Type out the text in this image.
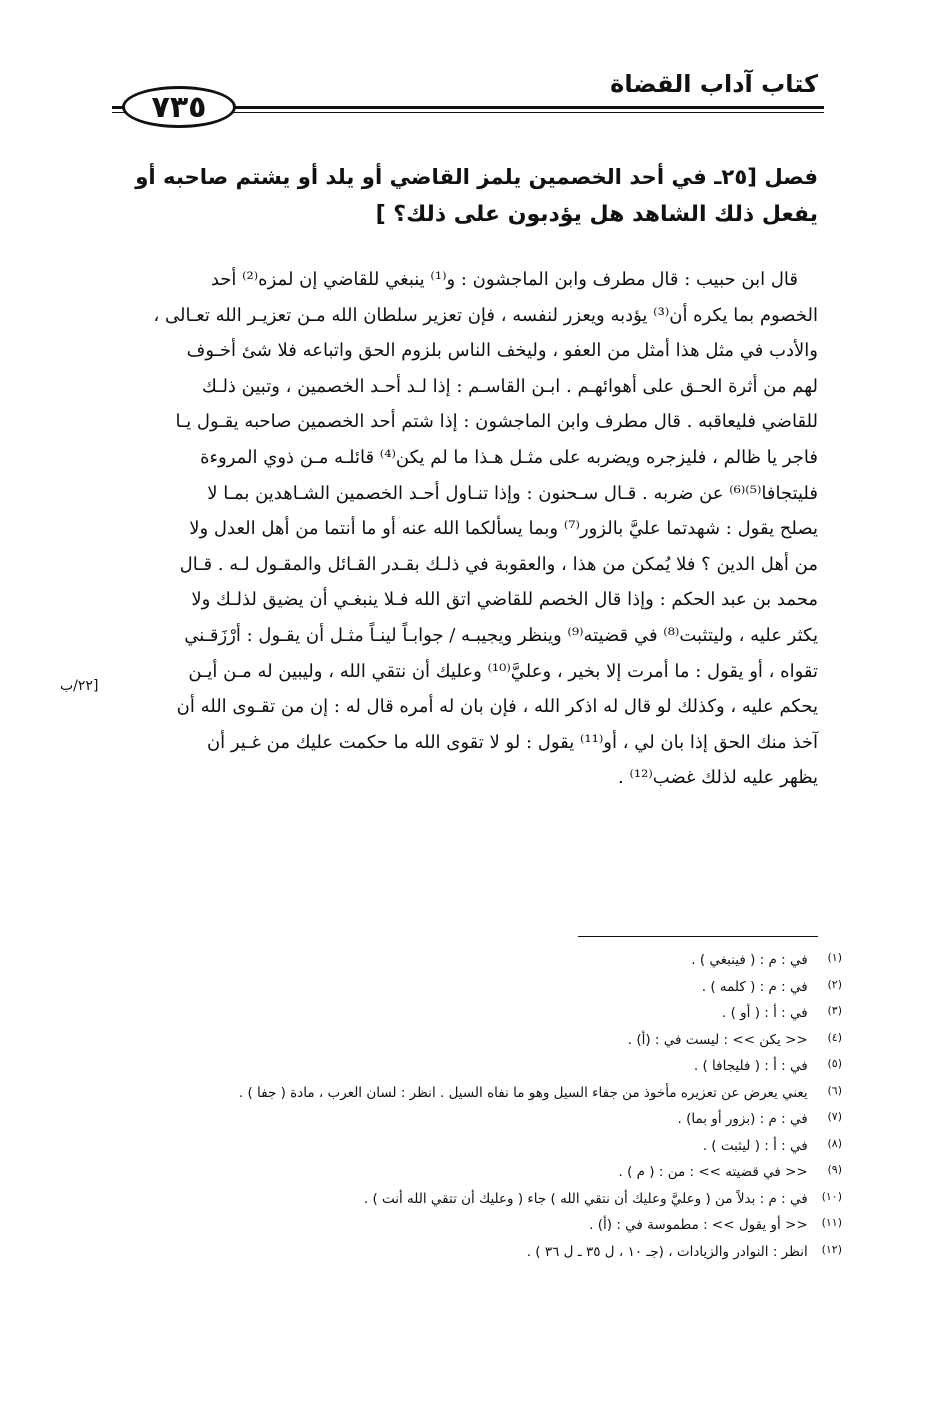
كتاب آداب القضاة
٧٣٥
فصل [٢٥ـ في أحد الخصمين يلمز القاضي أو يلد أو يشتم صاحبه أو
يفعل ذلك الشاهد هل يؤدبون على ذلك؟ ]
قال ابن حبيب : قال مطرف وابن الماجشون : و⁽¹⁾ ينبغي للقاضي إن لمزه⁽²⁾ أحد
الخصوم بما يكره أن⁽³⁾ يؤدبه ويعزر لنفسه ، فإن تعزير سلطان الله مـن تعزيـر الله تعـالى ،
والأدب في مثل هذا أمثل من العفو ، وليخف الناس بلزوم الحق واتباعه فلا شئ أخـوف
لهم من أثرة الحـق على أهوائهـم . ابـن القاسـم : إذا لـد أحـد الخصمين ، وتبين ذلـك
للقاضي فليعاقبه . قال مطرف وابن الماجشون : إذا شتم أحد الخصمين صاحبه يقـول يـا
فاجر يا ظالم ، فليزجره ويضربه على مثـل هـذا ما لم يكن⁽⁴⁾ قائلـه مـن ذوي المروءة
فليتجافا⁽⁵⁾⁽⁶⁾ عن ضربه . قـال سـحنون : وإذا تنـاول أحـد الخصمين الشـاهدين بمـا لا
يصلح يقول : شهدتما عليَّ بالزور⁽⁷⁾ وبما يسألكما الله عنه أو ما أنتما من أهل العدل ولا
من أهل الدين ؟ فلا يُمكن من هذا ، والعقوبة في ذلـك بقـدر القـائل والمقـول لـه . قـال
محمد بن عبد الحكم : وإذا قال الخصم للقاضي اتق الله فـلا ينبغـي أن يضيق لذلـك ولا
يكثر عليه ، وليتثبت⁽⁸⁾ في قضيته⁽⁹⁾ وينظر ويجيبـه / جوابـاً لينـاً مثـل أن يقـول : أرْزَقـني
تقواه ، أو يقول : ما أمرت إلا بخير ، وعليَّ⁽¹⁰⁾ وعليك أن نتقي الله ، وليبين له مـن أيـن
يحكم عليه ، وكذلك لو قال له اذكر الله ، فإن بان له أمره قال له : إن من تقـوى الله أن
آخذ منك الحق إذا بان لي ، أو⁽¹¹⁾ يقول : لو لا تقوى الله ما حكمت عليك من غـير أن
يظهر عليه لذلك غضب⁽¹²⁾ .
[٢٢/ب
(١) في : م : ( فينبغي ) .
(٢) في : م : ( كلمه ) .
(٣) في : أ : ( أو ) .
(٤) << يكن >> : ليست في : (أ) .
(٥) في : أ : ( فليجافا ) .
(٦) يعني يعرض عن تعزيره مأخوذ من جفاء السيل وهو ما نفاه السيل . انظر : لسان العرب ، مادة ( جفا ) .
(٧) في : م : (بزور أو بما) .
(٨) في : أ : ( ليثبت ) .
(٩) << في قضيته >> : من : ( م ) .
(١٠) في : م : بدلاً من ( وعليَّ وعليك أن نتقي الله ) جاء ( وعليك أن تتقي الله أنت ) .
(١١) << أو يقول >> : مطموسة في : (أ) .
(١٢) انظر : النوادر والزيادات ، (جـ ١٠ ، ل ٣٥ ـ ل ٣٦ ) .
